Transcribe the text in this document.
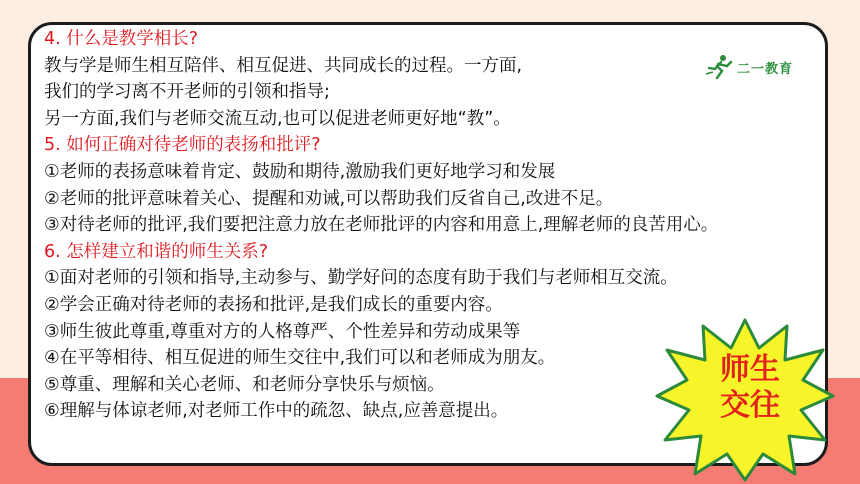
二一教育
4. 什么是教学相长?
教与学是师生相互陪伴、相互促进、共同成长的过程。一方面,
我们的学习离不开老师的引领和指导;
另一方面,我们与老师交流互动,也可以促进老师更好地“教”。
5. 如何正确对待老师的表扬和批评?
①老师的表扬意味着肯定、鼓励和期待,激励我们更好地学习和发展
②老师的批评意味着关心、提醒和劝诫,可以帮助我们反省自己,改进不足。
③对待老师的批评,我们要把注意力放在老师批评的内容和用意上,理解老师的良苦用心。
6. 怎样建立和谐的师生关系?
①面对老师的引领和指导,主动参与、勤学好问的态度有助于我们与老师相互交流。
②学会正确对待老师的表扬和批评,是我们成长的重要内容。
③师生彼此尊重,尊重对方的人格尊严、个性差异和劳动成果等
④在平等相待、相互促进的师生交往中,我们可以和老师成为朋友。
⑤尊重、理解和关心老师、和老师分享快乐与烦恼。
⑥理解与体谅老师,对老师工作中的疏忽、缺点,应善意提出。
师生
交往
